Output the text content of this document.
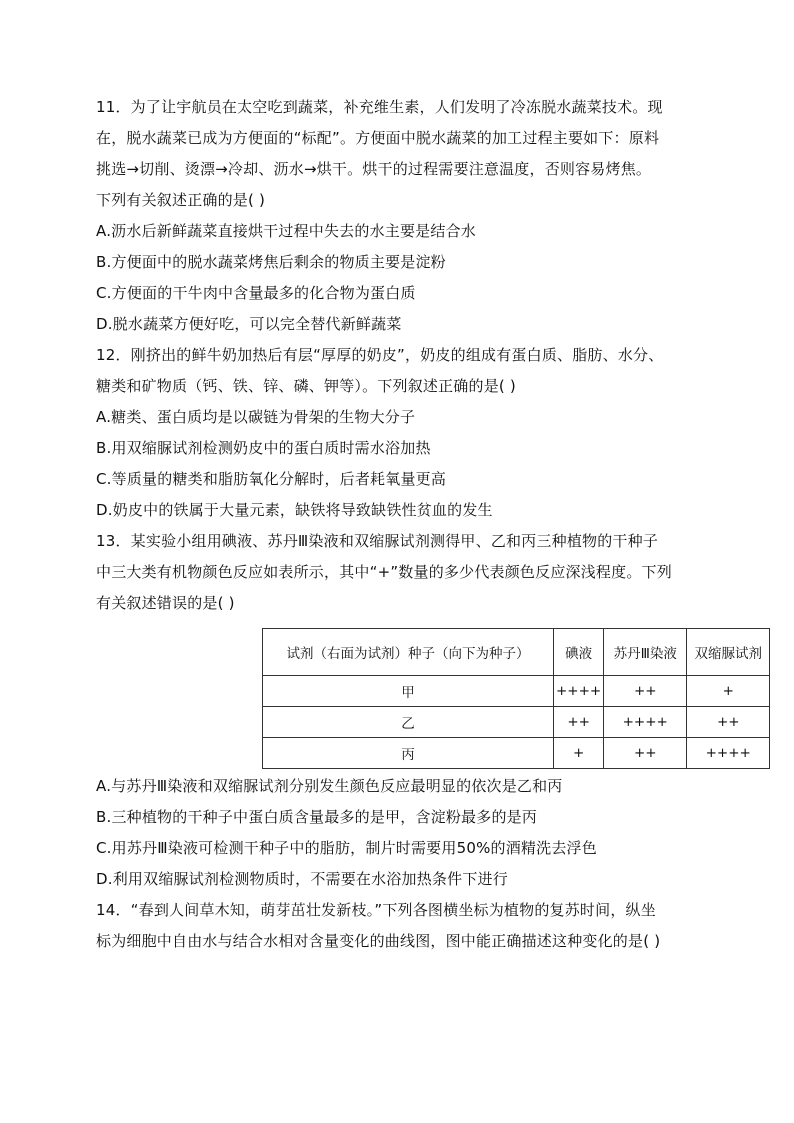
11．为了让宇航员在太空吃到蔬菜，补充维生素，人们发明了冷冻脱水蔬菜技术。现
在，脱水蔬菜已成为方便面的“标配”。方便面中脱水蔬菜的加工过程主要如下：原料
挑选→切削、烫漂→冷却、沥水→烘干。烘干的过程需要注意温度，否则容易烤焦。
下列有关叙述正确的是( )
A.沥水后新鲜蔬菜直接烘干过程中失去的水主要是结合水
B.方便面中的脱水蔬菜烤焦后剩余的物质主要是淀粉
C.方便面的干牛肉中含量最多的化合物为蛋白质
D.脱水蔬菜方便好吃，可以完全替代新鲜蔬菜
12．刚挤出的鲜牛奶加热后有层“厚厚的奶皮”，奶皮的组成有蛋白质、脂肪、水分、
糖类和矿物质（钙、铁、锌、磷、钾等）。下列叙述正确的是( )
A.糖类、蛋白质均是以碳链为骨架的生物大分子
B.用双缩脲试剂检测奶皮中的蛋白质时需水浴加热
C.等质量的糖类和脂肪氧化分解时，后者耗氧量更高
D.奶皮中的铁属于大量元素，缺铁将导致缺铁性贫血的发生
13．某实验小组用碘液、苏丹Ⅲ染液和双缩脲试剂测得甲、乙和丙三种植物的干种子
中三大类有机物颜色反应如表所示，其中“+”数量的多少代表颜色反应深浅程度。下列
有关叙述错误的是( )
试剂（右面为试剂）种子（向下为种子）	碘液	苏丹Ⅲ染液	双缩脲试剂
甲	++++	++	+
乙	++	++++	++
丙	+	++	++++
A.与苏丹Ⅲ染液和双缩脲试剂分别发生颜色反应最明显的依次是乙和丙
B.三种植物的干种子中蛋白质含量最多的是甲，含淀粉最多的是丙
C.用苏丹Ⅲ染液可检测干种子中的脂肪，制片时需要用50%的酒精洗去浮色
D.利用双缩脲试剂检测物质时，不需要在水浴加热条件下进行
14．“春到人间草木知，萌芽茁壮发新枝。”下列各图横坐标为植物的复苏时间，纵坐
标为细胞中自由水与结合水相对含量变化的曲线图，图中能正确描述这种变化的是( )
